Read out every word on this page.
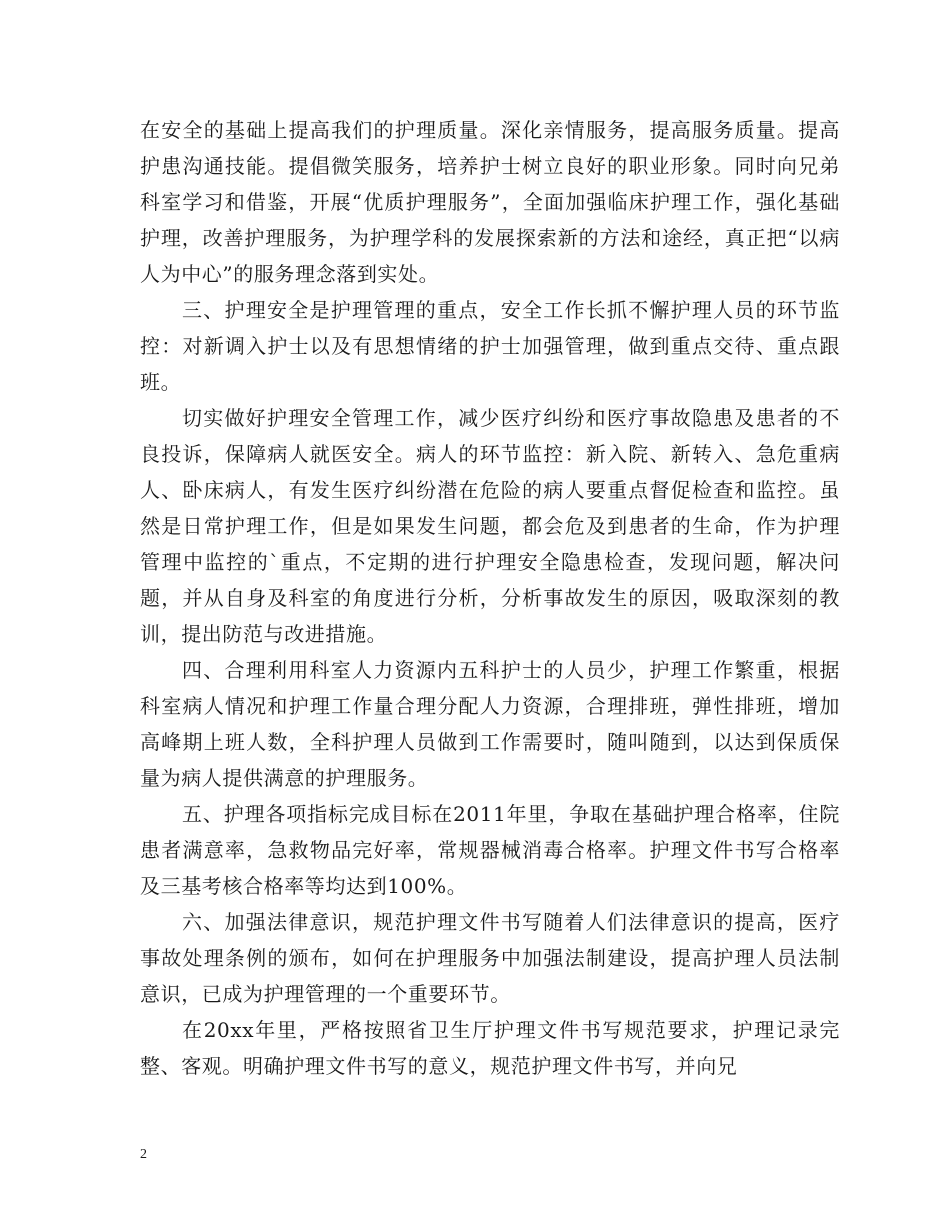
在安全的基础上提高我们的护理质量。深化亲情服务，提高服务质量。提高护患沟通技能。提倡微笑服务，培养护士树立良好的职业形象。同时向兄弟科室学习和借鉴，开展“优质护理服务”，全面加强临床护理工作，强化基础护理，改善护理服务，为护理学科的发展探索新的方法和途经，真正把“以病人为中心”的服务理念落到实处。

三、护理安全是护理管理的重点，安全工作长抓不懈护理人员的环节监控：对新调入护士以及有思想情绪的护士加强管理，做到重点交待、重点跟班。

切实做好护理安全管理工作，减少医疗纠纷和医疗事故隐患及患者的不良投诉，保障病人就医安全。病人的环节监控：新入院、新转入、急危重病人、卧床病人，有发生医疗纠纷潜在危险的病人要重点督促检查和监控。虽然是日常护理工作，但是如果发生问题，都会危及到患者的生命，作为护理管理中监控的`重点，不定期的进行护理安全隐患检查，发现问题，解决问题，并从自身及科室的角度进行分析，分析事故发生的原因，吸取深刻的教训，提出防范与改进措施。

四、合理利用科室人力资源内五科护士的人员少，护理工作繁重，根据科室病人情况和护理工作量合理分配人力资源，合理排班，弹性排班，增加高峰期上班人数，全科护理人员做到工作需要时，随叫随到，以达到保质保量为病人提供满意的护理服务。

五、护理各项指标完成目标在2011年里，争取在基础护理合格率，住院患者满意率，急救物品完好率，常规器械消毒合格率。护理文件书写合格率及三基考核合格率等均达到100%。

六、加强法律意识，规范护理文件书写随着人们法律意识的提高，医疗事故处理条例的颁布，如何在护理服务中加强法制建设，提高护理人员法制意识，已成为护理管理的一个重要环节。

在20xx年里，严格按照省卫生厅护理文件书写规范要求，护理记录完整、客观。明确护理文件书写的意义，规范护理文件书写，并向兄

2
